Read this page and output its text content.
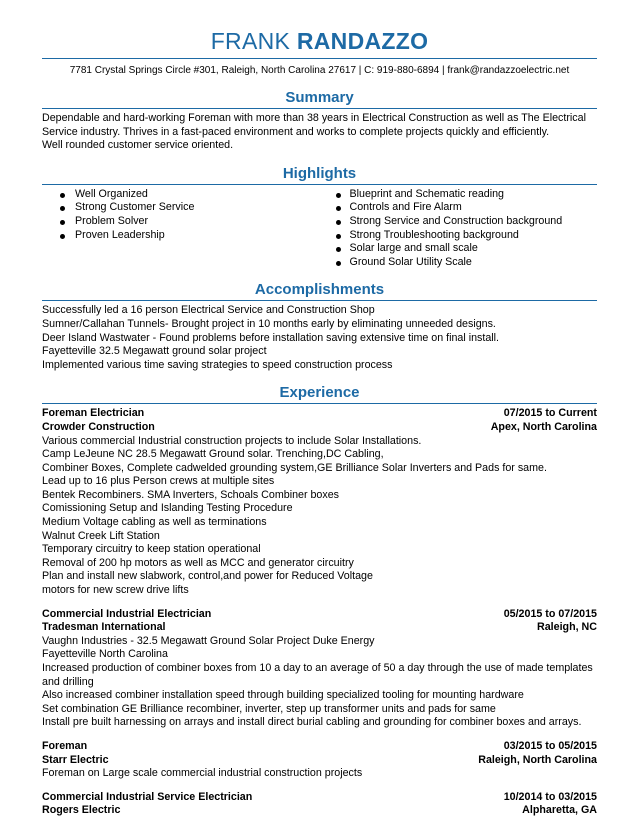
FRANK RANDAZZO
7781 Crystal Springs Circle #301, Raleigh, North Carolina 27617 | C: 919-880-6894 | frank@randazzoelectric.net
Summary
Dependable and hard-working Foreman with more than 38 years in Electrical Construction as well as The Electrical
Service industry. Thrives in a fast-paced environment and works to complete projects quickly and efficiently.
Well rounded customer service oriented.
Highlights
Well Organized
Strong Customer Service
Problem Solver
Proven Leadership
Blueprint and Schematic reading
Controls and Fire Alarm
Strong Service and Construction background
Strong Troubleshooting background
Solar large and small scale
Ground Solar Utility Scale
Accomplishments
Successfully led a 16 person Electrical Service and Construction Shop
Sumner/Callahan Tunnels- Brought project in 10 months early by eliminating unneeded designs.
Deer Island Wastwater - Found problems before installation saving extensive time on final install.
Fayetteville 32.5 Megawatt ground solar project
Implemented various time saving strategies to speed construction process
Experience
Foreman Electrician	07/2015 to Current
Crowder Construction	Apex, North Carolina
Various commercial Industrial construction projects to include Solar Installations.
Camp LeJeune NC 28.5 Megawatt Ground solar. Trenching,DC Cabling,
Combiner Boxes, Complete cadwelded grounding system,GE Brilliance Solar Inverters and Pads for same.
Lead up to 16 plus Person crews at multiple sites
Bentek Recombiners. SMA Inverters, Schoals Combiner boxes
Comissioning Setup and Islanding Testing Procedure
Medium Voltage cabling as well as terminations
Walnut Creek Lift Station
Temporary circuitry to keep station operational
Removal of 200 hp motors as well as MCC and generator circuitry
Plan and install new slabwork, control,and power for Reduced Voltage
motors for new screw drive lifts
Commercial Industrial Electrician	05/2015 to 07/2015
Tradesman International	Raleigh, NC
Vaughn Industries - 32.5 Megawatt Ground Solar Project Duke Energy
Fayetteville North Carolina
Increased production of combiner boxes from 10 a day to an average of 50 a day through the use of made templates and drilling
Also increased combiner installation speed through building specialized tooling for mounting hardware
Set combination GE Brilliance recombiner, inverter, step up transformer units and pads for same
Install pre built harnessing on arrays and install direct burial cabling and grounding for combiner boxes and arrays.
Foreman	03/2015 to 05/2015
Starr Electric	Raleigh, North Carolina
Foreman on Large scale commercial industrial construction projects
Commercial Industrial Service Electrician	10/2014 to 03/2015
Rogers Electric	Alpharetta, GA
